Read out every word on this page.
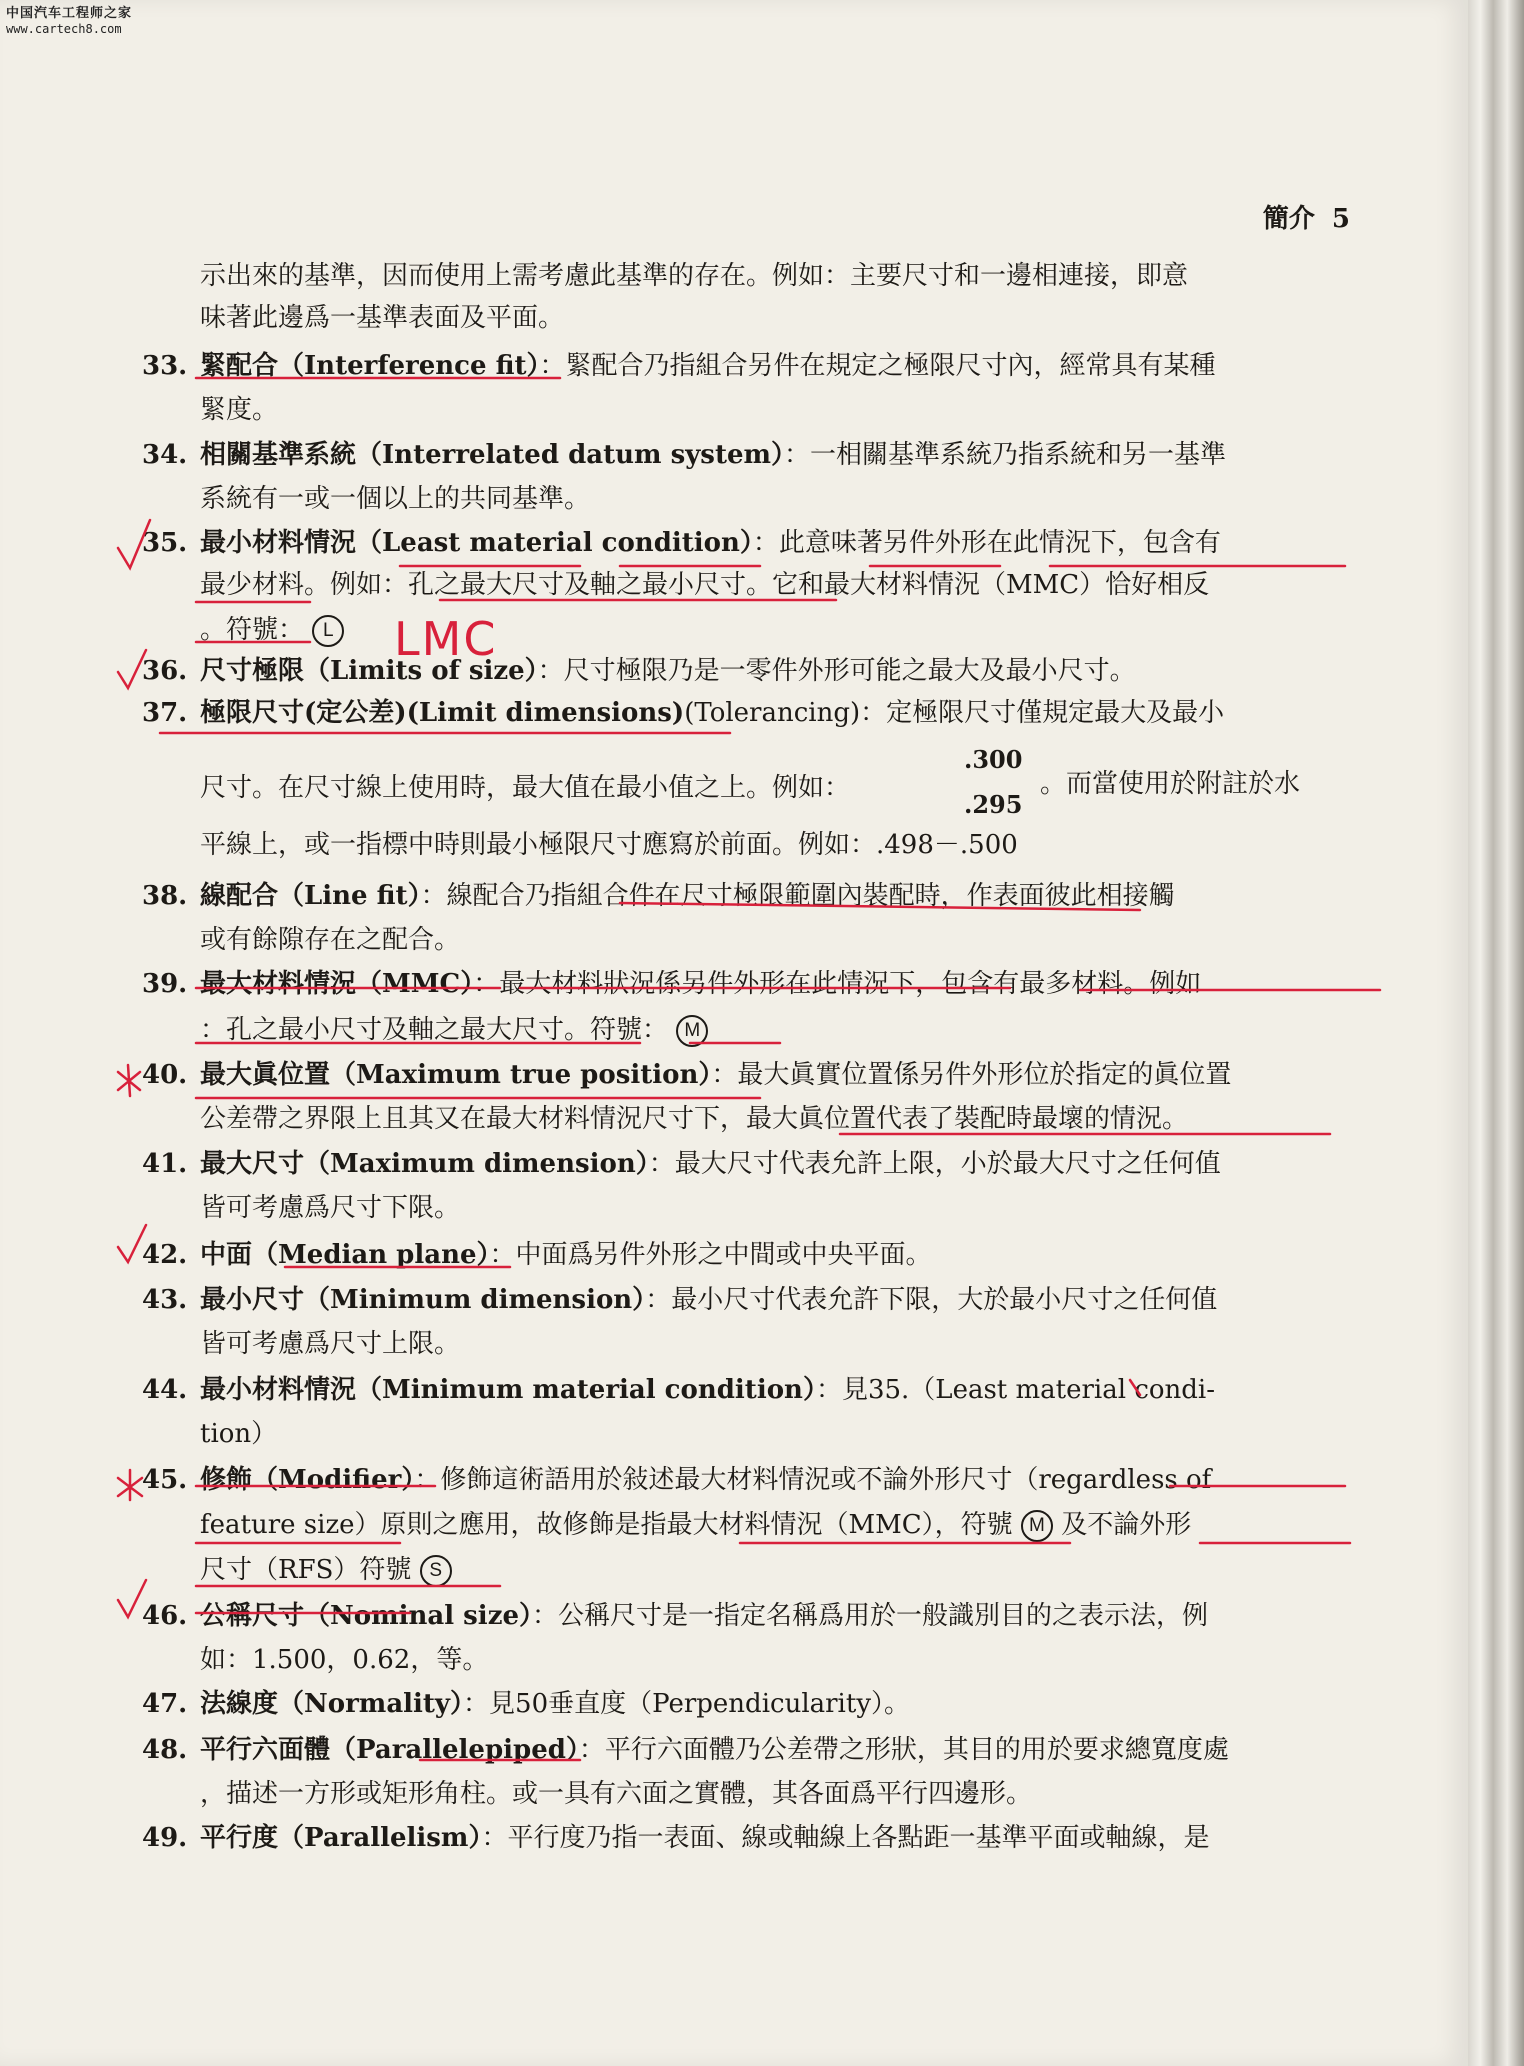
中国汽车工程师之家
www.cartech8.com
簡介 5
示出來的基準，因而使用上需考慮此基準的存在。例如：主要尺寸和一邊相連接，即意
味著此邊爲一基準表面及平面。
33. 緊配合（Interference fit）：緊配合乃指組合另件在規定之極限尺寸內，經常具有某種
緊度。
34. 相關基準系統（Interrelated datum system）：一相關基準系統乃指系統和另一基準
系統有一或一個以上的共同基準。
35. 最小材料情況（Least material condition）：此意味著另件外形在此情況下，包含有
最少材料。例如：孔之最大尺寸及軸之最小尺寸。它和最大材料情況（MMC）恰好相反
。符號： L
36. 尺寸極限（Limits of size）：尺寸極限乃是一零件外形可能之最大及最小尺寸。
37. 極限尺寸(定公差)(Limit dimensions)(Tolerancing)：定極限尺寸僅規定最大及最小
尺寸。在尺寸線上使用時，最大值在最小值之上。例如：
平線上，或一指標中時則最小極限尺寸應寫於前面。例如：.498－.500
38. 線配合（Line fit）：線配合乃指組合件在尺寸極限範圍內裝配時，作表面彼此相接觸
或有餘隙存在之配合。
39. 最大材料情況（MMC）：最大材料狀況係另件外形在此情況下，包含有最多材料。例如
：孔之最小尺寸及軸之最大尺寸。符號： M
40. 最大眞位置（Maximum true position）：最大眞實位置係另件外形位於指定的眞位置
公差帶之界限上且其又在最大材料情況尺寸下，最大眞位置代表了裝配時最壞的情況。
41. 最大尺寸（Maximum dimension）：最大尺寸代表允許上限，小於最大尺寸之任何值
皆可考慮爲尺寸下限。
42. 中面（Median plane）：中面爲另件外形之中間或中央平面。
43. 最小尺寸（Minimum dimension）：最小尺寸代表允許下限，大於最小尺寸之任何值
皆可考慮爲尺寸上限。
44. 最小材料情況（Minimum material condition）：見35.（Least material condi-
tion）
45. 修飾（Modifier）：修飾這術語用於敍述最大材料情況或不論外形尺寸（regardless of
feature size）原則之應用，故修飾是指最大材料情況（MMC），符號 M 及不論外形
尺寸（RFS）符號 S
46. 公稱尺寸（Nominal size）：公稱尺寸是一指定名稱爲用於一般識別目的之表示法，例
如：1.500，0.62，等。
47. 法線度（Normality）：見50垂直度（Perpendicularity）。
48. 平行六面體（Parallelepiped）：平行六面體乃公差帶之形狀，其目的用於要求總寬度處
，描述一方形或矩形角柱。或一具有六面之實體，其各面爲平行四邊形。
49. 平行度（Parallelism）：平行度乃指一表面、線或軸線上各點距一基準平面或軸線，是
.300
.295
。而當使用於附註於水
LMC
